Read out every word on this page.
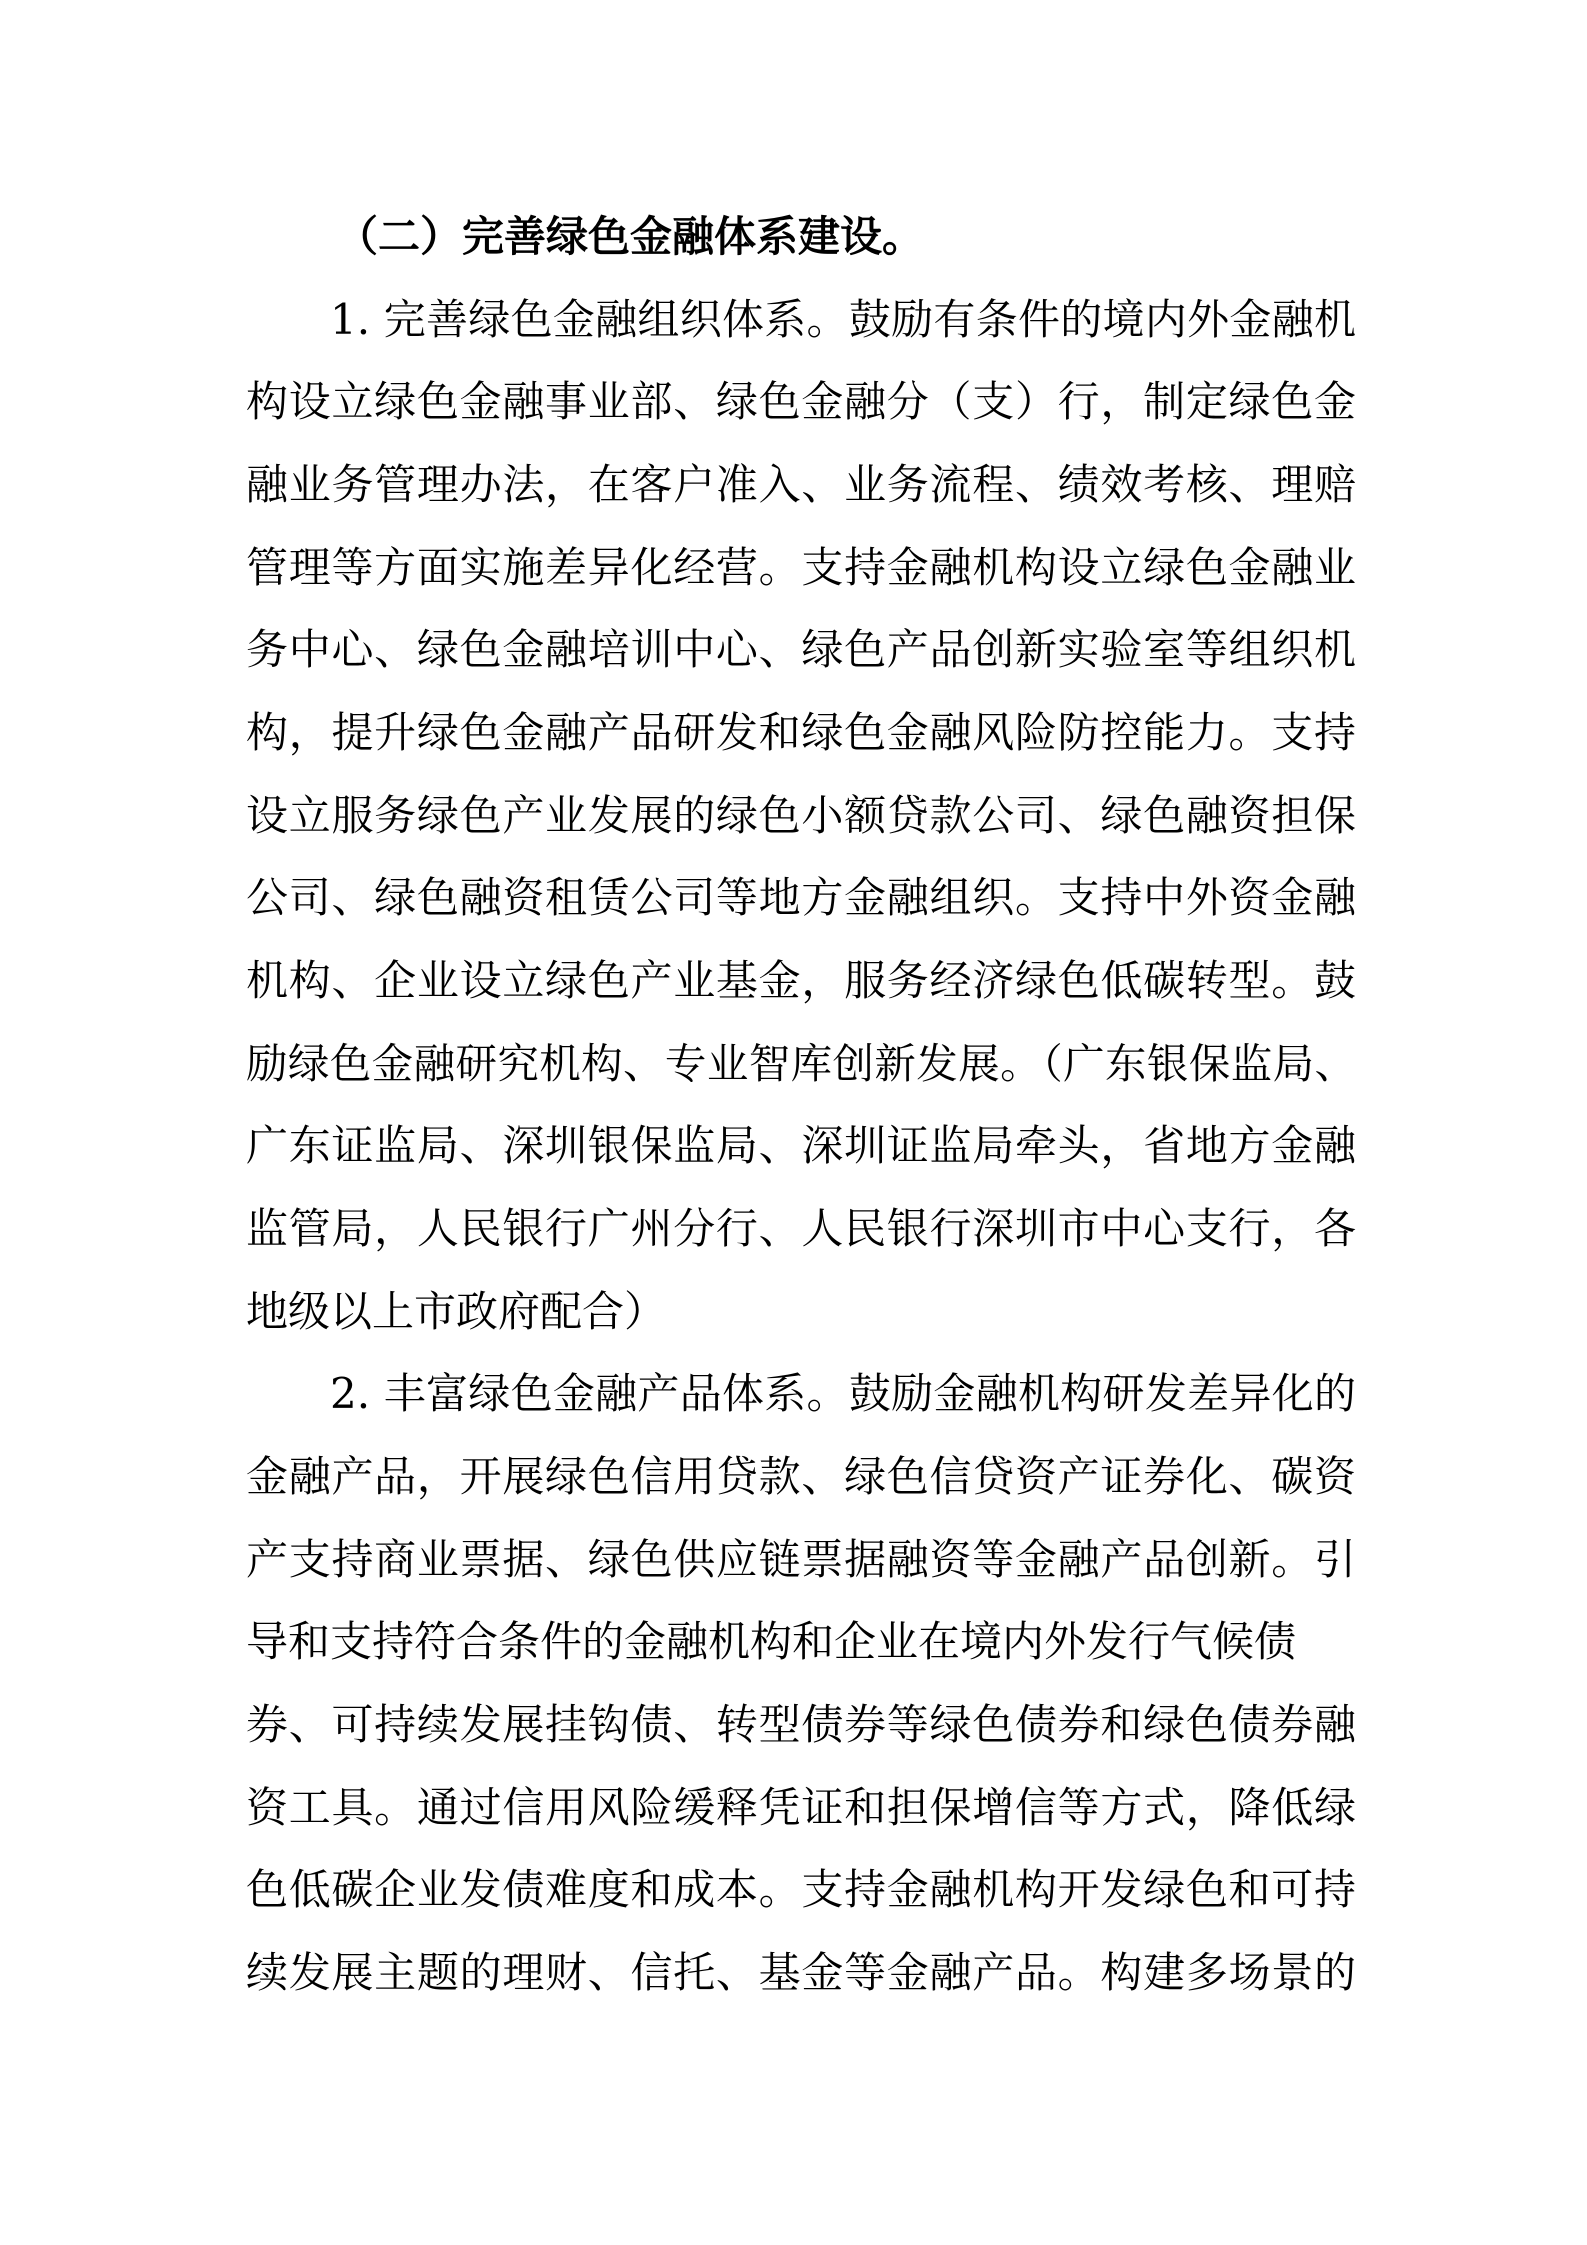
（二）完善绿色金融体系建设。

1. 完善绿色金融组织体系。鼓励有条件的境内外金融机

构设立绿色金融事业部、绿色金融分（支）行，制定绿色金

融业务管理办法，在客户准入、业务流程、绩效考核、理赔

管理等方面实施差异化经营。支持金融机构设立绿色金融业

务中心、绿色金融培训中心、绿色产品创新实验室等组织机

构，提升绿色金融产品研发和绿色金融风险防控能力。支持

设立服务绿色产业发展的绿色小额贷款公司、绿色融资担保

公司、绿色融资租赁公司等地方金融组织。支持中外资金融

机构、企业设立绿色产业基金，服务经济绿色低碳转型。鼓

励绿色金融研究机构、专业智库创新发展。（广东银保监局、

广东证监局、深圳银保监局、深圳证监局牵头，省地方金融

监管局，人民银行广州分行、人民银行深圳市中心支行，各

地级以上市政府配合）

2. 丰富绿色金融产品体系。鼓励金融机构研发差异化的

金融产品，开展绿色信用贷款、绿色信贷资产证券化、碳资

产支持商业票据、绿色供应链票据融资等金融产品创新。引

导和支持符合条件的金融机构和企业在境内外发行气候债

券、可持续发展挂钩债、转型债券等绿色债券和绿色债券融

资工具。通过信用风险缓释凭证和担保增信等方式，降低绿

色低碳企业发债难度和成本。支持金融机构开发绿色和可持

续发展主题的理财、信托、基金等金融产品。构建多场景的
